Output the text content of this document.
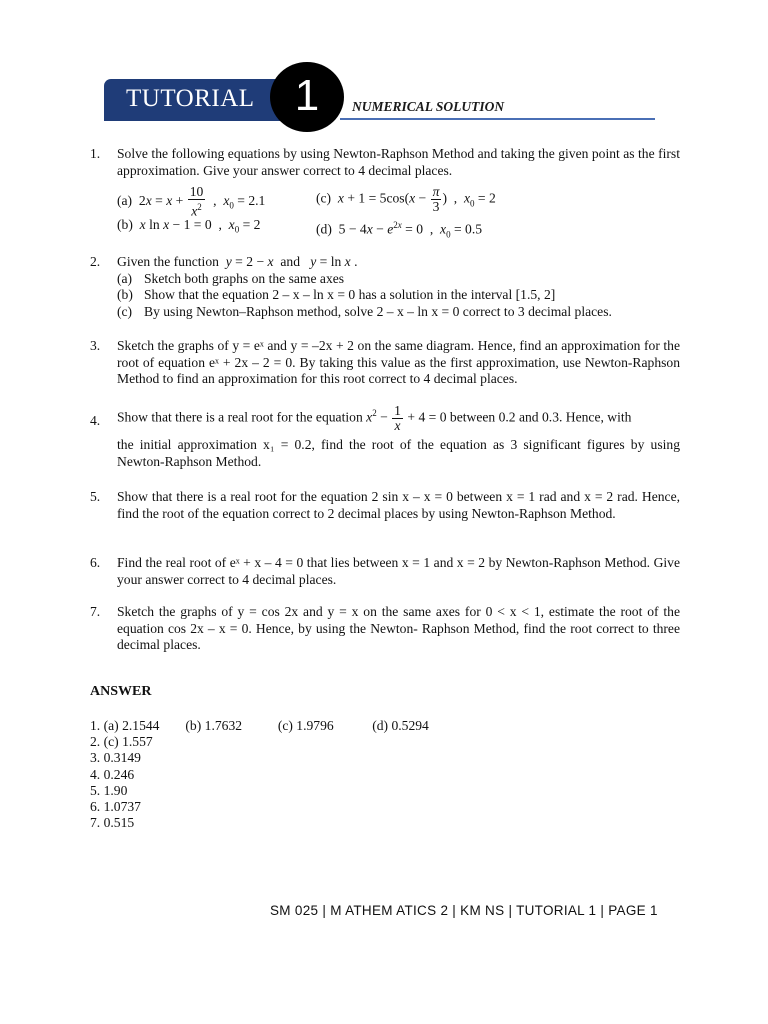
TUTORIAL 1	NUMERICAL SOLUTION
1.	Solve the following equations by using Newton-Raphson Method and taking the given point as the first approximation. Give your answer correct to 4 decimal places.
(a)  $2x = x + \frac{10}{x^2}$ ,  $x_0 = 2.1$	(c)  $x + 1 = 5\cos(x - \frac{\pi}{3}$ )  ,  $x_0 = 2$
(b)  x ln x − 1 = 0  ,  $x_0 = 2$	(d)  $5 - 4x - e^{2x} = 0$  ,  $x_0 = 0.5$
2.	Given the function y = 2 − x  and   y = ln x .
(a) Sketch both graphs on the same axes
(b) Show that the equation 2 – x – ln x = 0 has a solution in the interval [1.5, 2]
(c) By using Newton–Raphson method, solve 2 – x – ln x = 0 correct to 3 decimal places.
3.	Sketch the graphs of y = eˣ and y = –2x + 2 on the same diagram. Hence, find an approximation for the root of equation eˣ + 2x – 2 = 0. By taking this value as the first approximation, use Newton-Raphson Method to find an approximation for this root correct to 4 decimal places.
4.	Show that there is a real root for the equation $x^2 - \frac{1}{x} + 4 = 0$ between 0.2 and 0.3. Hence, with
the initial approximation x₁ = 0.2, find the root of the equation as 3 significant figures by using Newton-Raphson Method.
5.	Show that there is a real root for the equation 2 sin x – x = 0 between x = 1 rad and x = 2 rad. Hence, find the root of the equation correct to 2 decimal places by using Newton-Raphson Method.
6.	Find the real root of eˣ + x – 4 = 0 that lies between x = 1 and x = 2 by Newton-Raphson Method. Give your answer correct to 4 decimal places.
7.	Sketch the graphs of y = cos 2x and y = x on the same axes for 0 < x < 1, estimate the root of the equation cos 2x – x = 0. Hence, by using the Newton- Raphson Method, find the root correct to three decimal places.
ANSWER
1. (a) 2.1544 (b) 1.7632	(c) 1.9796	(d) 0.5294
2. (c) 1.557
3. 0.3149
4. 0.246
5. 1.90
6. 1.0737
7. 0.515
SM 025 | M ATHEM ATICS 2 | KM NS | TUTORIAL 1 | PAGE 1
